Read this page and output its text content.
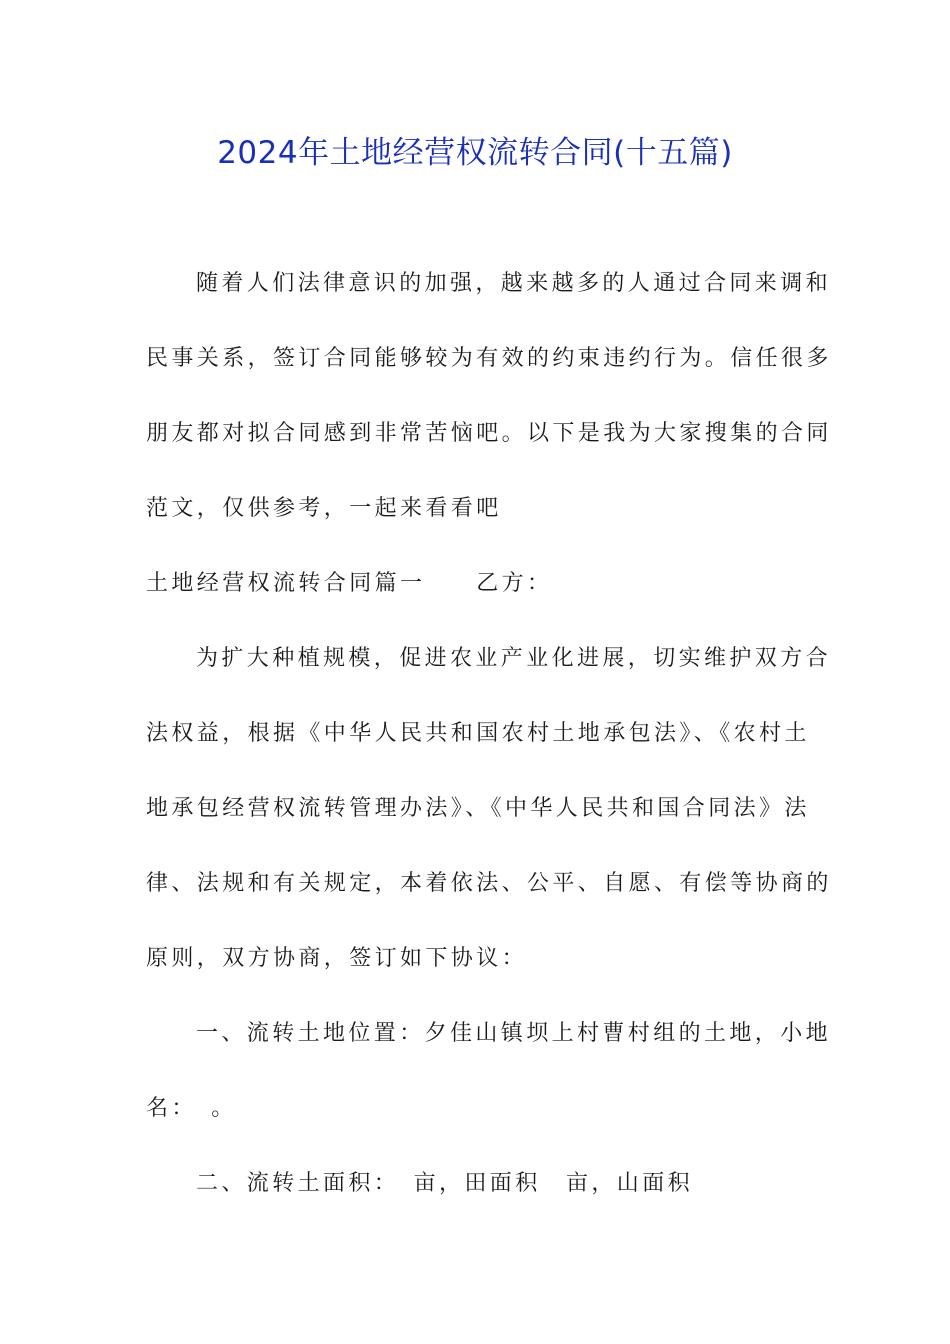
2024年土地经营权流转合同(十五篇)
随着人们法律意识的加强，越来越多的人通过合同来调和
民事关系，签订合同能够较为有效的约束违约行为。信任很多
朋友都对拟合同感到非常苦恼吧。以下是我为大家搜集的合同
范文，仅供参考，一起来看看吧
土地经营权流转合同篇一　　乙方：
为扩大种植规模，促进农业产业化进展，切实维护双方合
法权益，根据《中华人民共和国农村土地承包法》、《农村土
地承包经营权流转管理办法》、《中华人民共和国合同法》法
律、法规和有关规定，本着依法、公平、自愿、有偿等协商的
原则，双方协商，签订如下协议：
一、流转土地位置：夕佳山镇坝上村曹村组的土地，小地
名：　。
二、流转土面积：　亩，田面积　亩，山面积
